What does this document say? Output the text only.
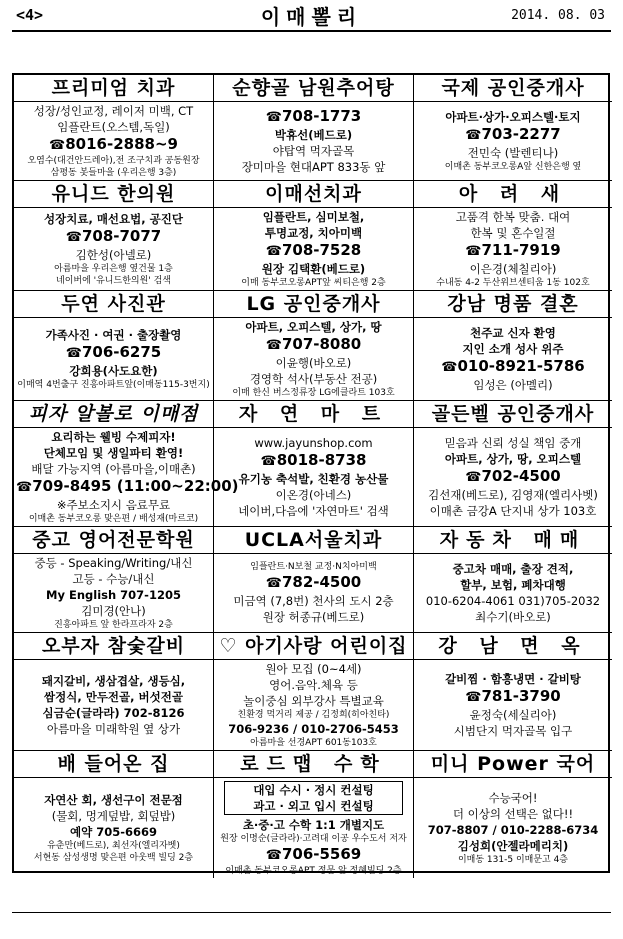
<4>	이매뽈리	2014. 08. 03
프리미엄 치과
성장/성인교정, 레이저 미백, CT
임플란트(오스템,독일)
☎ 8016-2888~9
오염수(대건안드레아),전 조구치과 공동원장
삼평동 봇들마을 (우리은행 3층)
순향골 남원추어탕
☎ 708-1773
박휴선(베드로)
야탑역 먹자골목
장미마을 현대APT 833동 앞
국제 공인중개사
아파트·상가·오피스텔·토지
☎ 703-2277
전민숙 (발렌티나)
이매촌 동부코오롱A앞 신한은행 옆
유니드 한의원
성장치료, 매선요법, 공진단
☎ 708-7077
김한성(아넬로)
아름마을 우리은행 옆건물 1층
네이버에 '유니드한의원' 검색
이매선치과
임플란트, 심미보철,
투명교정, 치아미백
☎ 708-7528
원장 김택환(베드로)
이매 동부코오롱APT앞 씨티은행 2층
아 려 새
고품격 한복 맞춤. 대여
한복 및 혼수일절
☎ 711-7919
이은경(체칠리아)
수내동 4-2 두산위브센티움 1동 102호
두연 사진관
가족사진 · 여권 · 출장촬영
☎ 706-6275
강희용(사도요한)
이매역 4번출구 진흥아파트앞(이매동115-3번지)
LG 공인중개사
아파트, 오피스텔, 상가, 땅
☎ 707-8080
이윤행(바오로)
경영학 석사(부동산 전공)
이매 한신 버스정류장 LG에클라트 103호
강남 명품 결혼
천주교 신자 환영
지인 소개 성사 위주
☎ 010-8921-5786
임성은 (아멜리)
피자 알볼로 이매점
요리하는 웰빙 수제피자!
단체모임 및 생일파티 환영!
배달 가능지역 (아름마을,이매촌)
☎ 709-8495 (11:00~22:00)
※주보소지시 음료무료
이매촌 동부코오롱 맞은편 / 배성재(마르코)
자 연 마 트
www.jayunshop.com
☎ 8018-8738
유기농 축석발, 친환경 농산물
이온경(아네스)
네이버,다음에 '자연마트' 검색
골든벨 공인중개사
믿음과 신뢰 성실 책임 중개
아파트, 상가, 땅, 오피스텔
☎ 702-4500
김선재(베드로), 김영재(엘리사벳)
이매촌 금강A 단지내 상가 103호
중고 영어전문학원
중등 - Speaking/Writing/내신
고등 - 수능/내신
My English 707-1205
김미경(안나)
진흥아파트 앞 한라프라자 2층
UCLA서울치과
임플란트·N보철 교정·N치아미백
☎ 782-4500
미금역 (7,8번) 천사의 도시 2층
원장 허종규(베드로)
자동차 매매
중고차 매매, 출장 견적,
할부, 보험, 폐차대행
010-6204-4061 031)705-2032
최수기(바오로)
오부자 참숯갈비
돼지갈비, 생삼겹살, 생등심,
쌈정식, 만두전골, 버섯전골
심금순(글라라) 702-8126
아름마을 미래학원 옆 상가
♡ 아기사랑 어린이집
원아 모집 (0~4세)
영어.음악.체육 등
놀이중심 외부강사 특별교육
친환경 먹거리 제공 / 김정희(히아친타)
706-9236 / 010-2706-5453
아름마을 선경APT 601동103호
강 남 면 옥
갈비찜 · 함흥냉면 · 갈비탕
☎ 781-3790
윤정숙(세실리아)
시범단지 먹자골목 입구
배 들어온 집
자연산 회, 생선구이 전문점
(물회, 멍게덮밥, 회덮밥)
예약 705-6669
유춘만(베드로), 최선자(엘리자벳)
서현동 삼성생명 맞은편 아웃백 빌딩 2층
로드맵 수학
대입 수시 · 정시 컨설팅
과고 · 외고 입시 컨설팅
초·중·고 수학 1:1 개별지도
원장 이명순(글라라)·고려대 이공 우수도서 저자
☎ 706-5569
이매촌 동부코오롱APT 정문 앞 정혜빌딩 2층
미니 Power 국어
수능국어!
더 이상의 선택은 없다!!
707-8807 / 010-2288-6734
김성희(안젤라메리치)
이매동 131-5 이매문고 4층
